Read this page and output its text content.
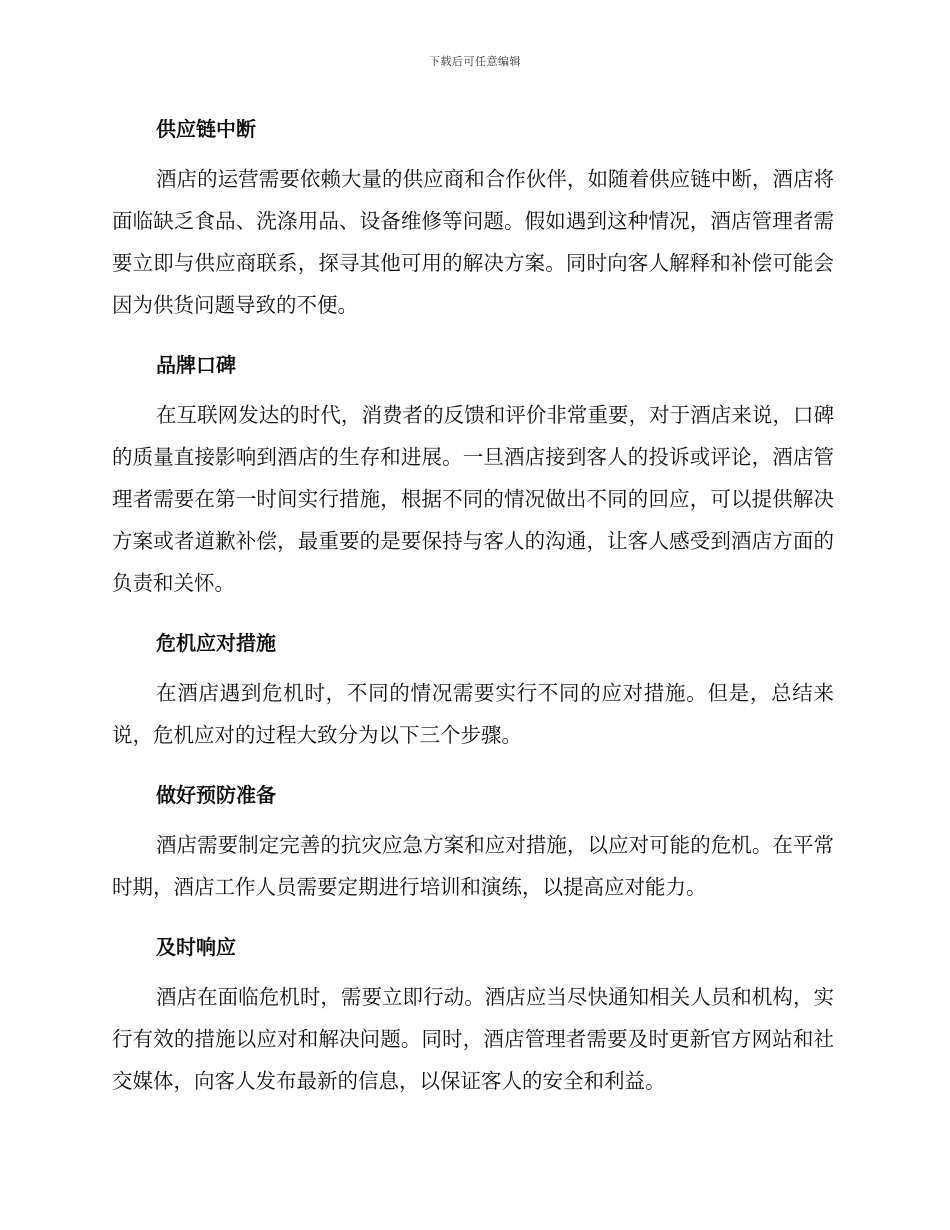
下载后可任意编辑
供应链中断

酒店的运营需要依赖大量的供应商和合作伙伴，如随着供应链中断，酒店将面临缺乏食品、洗涤用品、设备维修等问题。假如遇到这种情况，酒店管理者需要立即与供应商联系，探寻其他可用的解决方案。同时向客人解释和补偿可能会因为供货问题导致的不便。

品牌口碑

在互联网发达的时代，消费者的反馈和评价非常重要，对于酒店来说，口碑的质量直接影响到酒店的生存和进展。一旦酒店接到客人的投诉或评论，酒店管理者需要在第一时间实行措施，根据不同的情况做出不同的回应，可以提供解决方案或者道歉补偿，最重要的是要保持与客人的沟通，让客人感受到酒店方面的负责和关怀。

危机应对措施

在酒店遇到危机时，不同的情况需要实行不同的应对措施。但是，总结来说，危机应对的过程大致分为以下三个步骤。

做好预防准备

酒店需要制定完善的抗灾应急方案和应对措施，以应对可能的危机。在平常时期，酒店工作人员需要定期进行培训和演练，以提高应对能力。

及时响应

酒店在面临危机时，需要立即行动。酒店应当尽快通知相关人员和机构，实行有效的措施以应对和解决问题。同时，酒店管理者需要及时更新官方网站和社交媒体，向客人发布最新的信息，以保证客人的安全和利益。
